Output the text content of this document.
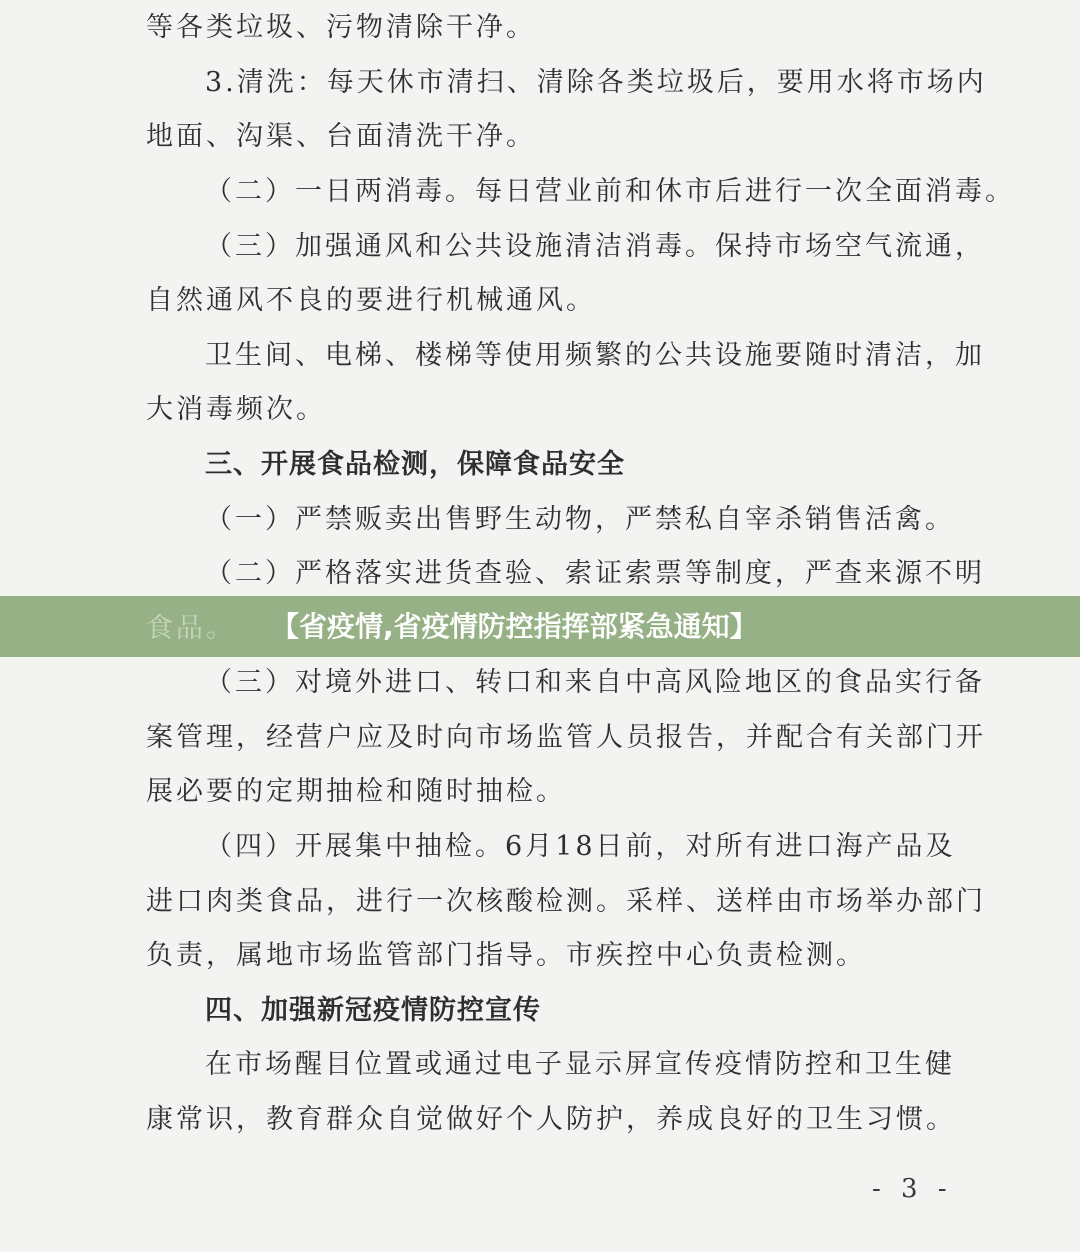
等各类垃圾、污物清除干净。
3.清洗：每天休市清扫、清除各类垃圾后，要用水将市场内
地面、沟渠、台面清洗干净。
（二）一日两消毒。每日营业前和休市后进行一次全面消毒。
（三）加强通风和公共设施清洁消毒。保持市场空气流通，
自然通风不良的要进行机械通风。
卫生间、电梯、楼梯等使用频繁的公共设施要随时清洁，加
大消毒频次。
三、开展食品检测，保障食品安全
（一）严禁贩卖出售野生动物，严禁私自宰杀销售活禽。
（二）严格落实进货查验、索证索票等制度，严查来源不明
（三）对境外进口、转口和来自中高风险地区的食品实行备
案管理，经营户应及时向市场监管人员报告，并配合有关部门开
展必要的定期抽检和随时抽检。
（四）开展集中抽检。6月18日前，对所有进口海产品及
进口肉类食品，进行一次核酸检测。采样、送样由市场举办部门
负责，属地市场监管部门指导。市疾控中心负责检测。
四、加强新冠疫情防控宣传
在市场醒目位置或通过电子显示屏宣传疫情防控和卫生健
康常识，教育群众自觉做好个人防护，养成良好的卫生习惯。
- 3 -
食品。 【省疫情,省疫情防控指挥部紧急通知】
